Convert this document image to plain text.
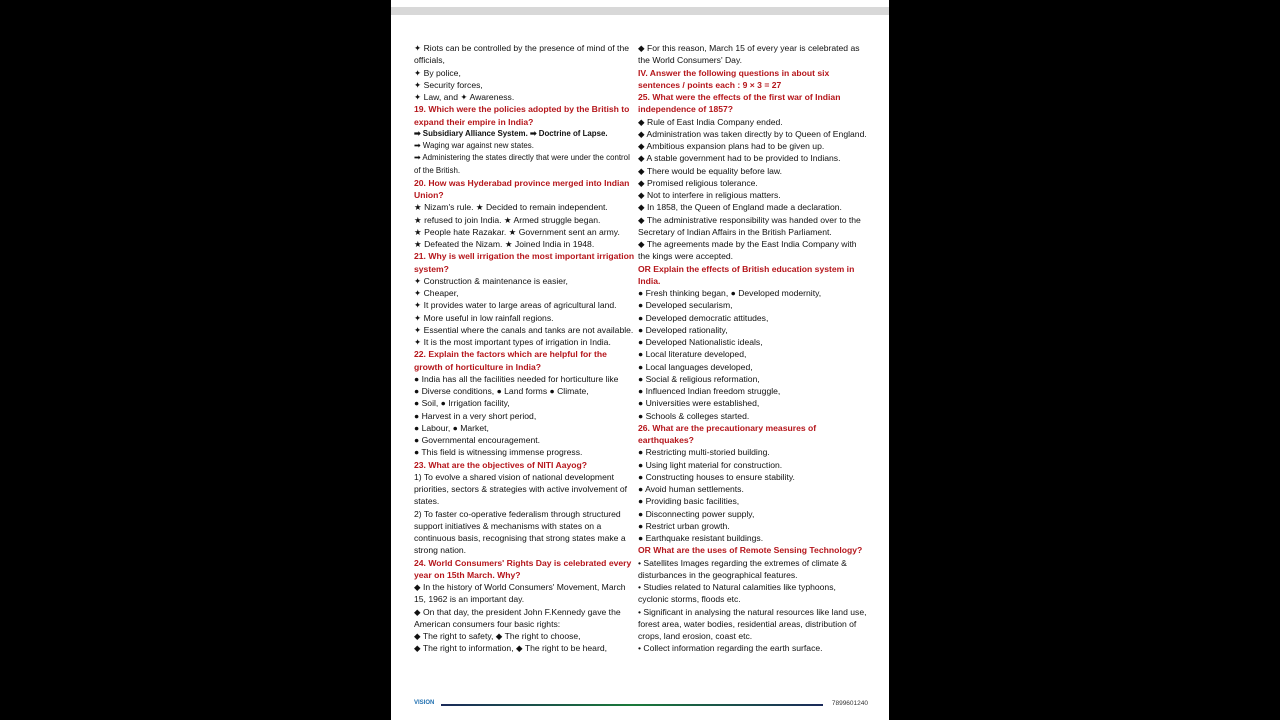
✦ Riots can be controlled by the presence of mind of the officials,

✦ By police,

✦ Security forces,

✦ Law, and ✦ Awareness.

19. Which were the policies adopted by the British to expand their empire in India?

➡ Subsidiary Alliance System. ➡ Doctrine of Lapse.

➡ Waging war against new states.

➡ Administering the states directly that were under the control of the British.

20. How was Hyderabad province merged into Indian Union?

★ Nizam's rule. ★ Decided to remain independent.

★ refused to join India. ★ Armed struggle began.

★ People hate Razakar. ★ Government sent an army.

★ Defeated the Nizam. ★ Joined India in 1948.

21. Why is well irrigation the most important irrigation system?

✦ Construction & maintenance is easier,

✦ Cheaper,

✦ It provides water to large areas of agricultural land.

✦ More useful in low rainfall regions.

✦ Essential where the canals and tanks are not available.

✦ It is the most important types of irrigation in India.

22. Explain the factors which are helpful for the growth of horticulture in India?

● India has all the facilities needed for horticulture like

● Diverse conditions, ● Land forms ● Climate,

● Soil, ● Irrigation facility,

● Harvest in a very short period,

● Labour, ● Market,

● Governmental encouragement.

● This field is witnessing immense progress.

23. What are the objectives of NITI Aayog?

1) To evolve a shared vision of national development priorities, sectors & strategies with active involvement of states.

2) To faster co-operative federalism through structured support initiatives & mechanisms with states on a continuous basis, recognising that strong states make a strong nation.

24. World Consumers' Rights Day is celebrated every year on 15th March. Why?

◆ In the history of World Consumers' Movement, March 15, 1962 is an important day.

◆ On that day, the president John F.Kennedy gave the American consumers four basic rights:

◆ The right to safety, ◆ The right to choose,

◆ The right to information, ◆ The right to be heard,

◆ For this reason, March 15 of every year is celebrated as the World Consumers' Day.

IV. Answer the following questions in about six sentences / points each : 9 × 3 = 27

25. What were the effects of the first war of Indian independence of 1857?

◆ Rule of East India Company ended.

◆ Administration was taken directly by to Queen of England.

◆ Ambitious expansion plans had to be given up.

◆ A stable government had to be provided to Indians.

◆ There would be equality before law.

◆ Promised religious tolerance.

◆ Not to interfere in religious matters.

◆ In 1858, the Queen of England made a declaration.

◆ The administrative responsibility was handed over to the Secretary of Indian Affairs in the British Parliament.

◆ The agreements made by the East India Company with the kings were accepted.

OR Explain the effects of British education system in India.

● Fresh thinking began, ● Developed modernity,

● Developed secularism,

● Developed democratic attitudes,

● Developed rationality,

● Developed Nationalistic ideals,

● Local literature developed,

● Local languages developed,

● Social & religious reformation,

● Influenced Indian freedom struggle,

● Universities were established,

● Schools & colleges started.

26. What are the precautionary measures of earthquakes?

● Restricting multi-storied building.

● Using light material for construction.

● Constructing houses to ensure stability.

● Avoid human settlements.

● Providing basic facilities,

● Disconnecting power supply,

● Restrict urban growth.

● Earthquake resistant buildings.

OR What are the uses of Remote Sensing Technology?

• Satellites Images regarding the extremes of climate & disturbances in the geographical features.

• Studies related to Natural calamities like typhoons, cyclonic storms, floods etc.

• Significant in analysing the natural resources like land use, forest area, water bodies, residential areas, distribution of crops, land erosion, coast etc.

• Collect information regarding the earth surface.

VISION	7899601240
